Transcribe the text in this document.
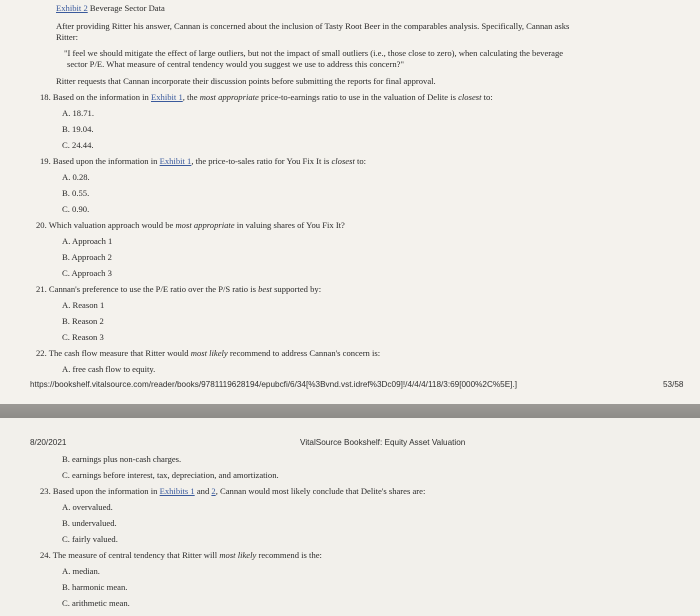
Exhibit 2 Beverage Sector Data
After providing Ritter his answer, Cannan is concerned about the inclusion of Tasty Root Beer in the comparables analysis. Specifically, Cannan asks
Ritter:
"I feel we should mitigate the effect of large outliers, but not the impact of small outliers (i.e., those close to zero), when calculating the beverage
sector P/E. What measure of central tendency would you suggest we use to address this concern?"
Ritter requests that Cannan incorporate their discussion points before submitting the reports for final approval.
18. Based on the information in Exhibit 1, the most appropriate price-to-earnings ratio to use in the valuation of Delite is closest to:
A. 18.71.
B. 19.04.
C. 24.44.
19. Based upon the information in Exhibit 1, the price-to-sales ratio for You Fix It is closest to:
A. 0.28.
B. 0.55.
C. 0.90.
20. Which valuation approach would be most appropriate in valuing shares of You Fix It?
A. Approach 1
B. Approach 2
C. Approach 3
21. Cannan's preference to use the P/E ratio over the P/S ratio is best supported by:
A. Reason 1
B. Reason 2
C. Reason 3
22. The cash flow measure that Ritter would most likely recommend to address Cannan's concern is:
A. free cash flow to equity.
https://bookshelf.vitalsource.com/reader/books/9781119628194/epubcfi/6/34[%3Bvnd.vst.idref%3Dc09]!/4/4/4/118/3:69[000%2C%5E].]	53/58
8/20/2021	VitalSource Bookshelf: Equity Asset Valuation
B. earnings plus non-cash charges.
C. earnings before interest, tax, depreciation, and amortization.
23. Based upon the information in Exhibits 1 and 2, Cannan would most likely conclude that Delite's shares are:
A. overvalued.
B. undervalued.
C. fairly valued.
24. The measure of central tendency that Ritter will most likely recommend is the:
A. median.
B. harmonic mean.
C. arithmetic mean.
